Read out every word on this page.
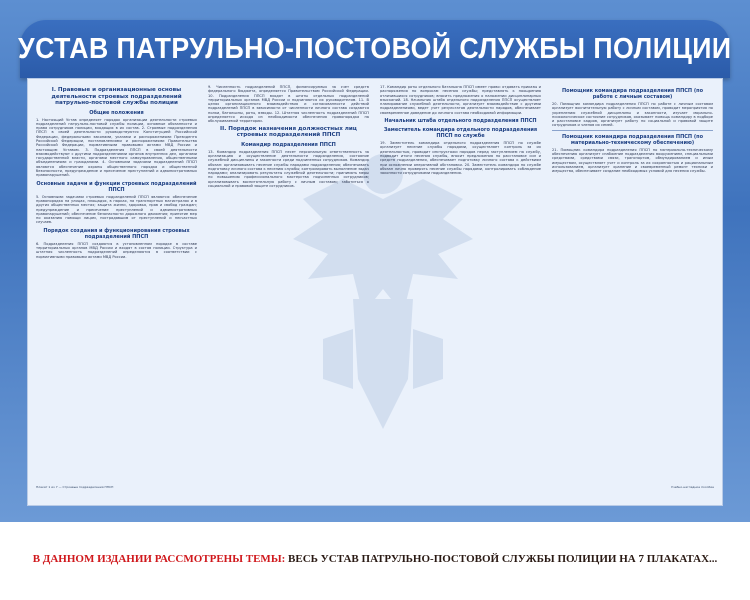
УСТАВ ПАТРУЛЬНО-ПОСТОВОЙ СЛУЖБЫ ПОЛИЦИИ
I. Правовые и организационные основы деятельности строевых подразделений патрульно-постовой службы полиции
Общие положения

1. Настоящий Устав определяет порядок организации деятельности строевых подразделений патрульно-постовой службы полиции, основные обязанности и права сотрудников полиции, входящих в их состав. 2. Строевые подразделения ППСП в своей деятельности руководствуются Конституцией Российской Федерации, федеральными законами, указами и распоряжениями Президента Российской Федерации, постановлениями и распоряжениями Правительства Российской Федерации, нормативными правовыми актами МВД России и настоящим Уставом. 3. Подразделения ППСП в своей деятельности взаимодействуют с другими подразделениями органов внутренних дел, органами государственной власти, органами местного самоуправления, общественными объединениями и гражданами. 4. Основными задачами подразделений ППСП являются обеспечение охраны общественного порядка и общественной безопасности, предупреждение и пресечение преступлений и административных правонарушений.

Основные задачи и функции строевых подразделений ППСП

5. Основными задачами строевых подразделений ППСП являются: обеспечение правопорядка на улицах, площадях, в парках, на транспортных магистралях и в других общественных местах; защита жизни, здоровья, прав и свобод граждан; предупреждение и пресечение преступлений и административных правонарушений; обеспечение безопасности дорожного движения; принятие мер по оказанию помощи лицам, пострадавшим от преступлений и несчастных случаев.

Порядок создания и функционирования строевых подразделений ППСП

6. Подразделения ППСП создаются в установленном порядке в составе территориальных органов МВД России и входят в состав полиции. Структура и штатная численность подразделений определяются в соответствии с нормативными правовыми актами МВД России.

9. Численность подразделений ППСП, финансируемых за счет средств федерального бюджета, определяется Правительством Российской Федерации. 10. Подразделения ППСП входят в штаты отдельных подразделений территориальных органов МВД России и подчиняются их руководителям. 11. В целях организационного взаимодействия и согласованности действий подразделений ППСП в зависимости от численности личного состава создаются полки, батальоны, роты, взводы. 12. Штатная численность подразделений ППСП определяется исходя из необходимости обеспечения правопорядка на обслуживаемой территории.

II. Порядок назначения должностных лиц строевых подразделений ППСП
Командир подразделения ППСП

13. Командир подразделения ППСП несет персональную ответственность за организацию и осуществление деятельности подразделения, состояние служебной дисциплины и законности среди подчиненных сотрудников. Командир обязан: организовывать несение службы нарядами подразделения; обеспечивать подготовку личного состава к несению службы; контролировать выполнение задач нарядами; анализировать результаты служебной деятельности; принимать меры по повышению профессионального мастерства подчиненных сотрудников; организовывать воспитательную работу с личным составом; заботиться о социальной и правовой защите сотрудников.

17. Командир роты отдельного батальона ППСП имеет право: отдавать приказы и распоряжения по вопросам несения службы; представлять к поощрению отличившихся сотрудников; вносить предложения о наложении дисциплинарных взысканий. 18. Начальник штаба отдельного подразделения ППСП осуществляет планирование служебной деятельности, организует взаимодействие с другими подразделениями, ведет учет результатов деятельности нарядов, обеспечивает своевременное доведение до личного состава необходимой информации.

Начальник штаба отдельного подразделения ППСП
Заместитель командира отдельного подразделения ППСП по службе

19. Заместитель командира отдельного подразделения ППСП по службе организует несение службы нарядами, осуществляет контроль за их деятельностью, проводит инструктажи нарядов перед заступлением на службу, подводит итоги несения службы, вносит предложения по расстановке сил и средств подразделения, обеспечивает подготовку личного состава к действиям при осложнении оперативной обстановки. 20. Заместитель командира по службе обязан лично проверять несение службы нарядами, контролировать соблюдение законности сотрудниками подразделения.

Помощник командира подразделения ППСП (по работе с личным составом)

20. Помощник командира подразделения ППСП по работе с личным составом организует воспитательную работу с личным составом, проводит мероприятия по укреплению служебной дисциплины и законности, изучает морально-психологическое состояние сотрудников, оказывает помощь командиру в подборе и расстановке кадров, организует работу по социальной и правовой защите сотрудников и членов их семей.

Помощник командира подразделения ППСП (по материально-техническому обеспечению)

21. Помощник командира подразделения ППСП по материально-техническому обеспечению организует снабжение подразделения вооружением, специальными средствами, средствами связи, транспортом, обмундированием и иным имуществом, осуществляет учет и контроль за их сохранностью и рациональным использованием, организует хранение и своевременный ремонт техники и имущества, обеспечивает создание необходимых условий для несения службы.

Плакат 1 из 7 — Строевые подразделения ППСП	Учебно-наглядное пособие
В ДАННОМ ИЗДАНИИ РАССМОТРЕНЫ ТЕМЫ: ВЕСЬ УСТАВ ПАТРУЛЬНО-ПОСТОВОЙ СЛУЖБЫ ПОЛИЦИИ НА 7 ПЛАКАТАХ...
